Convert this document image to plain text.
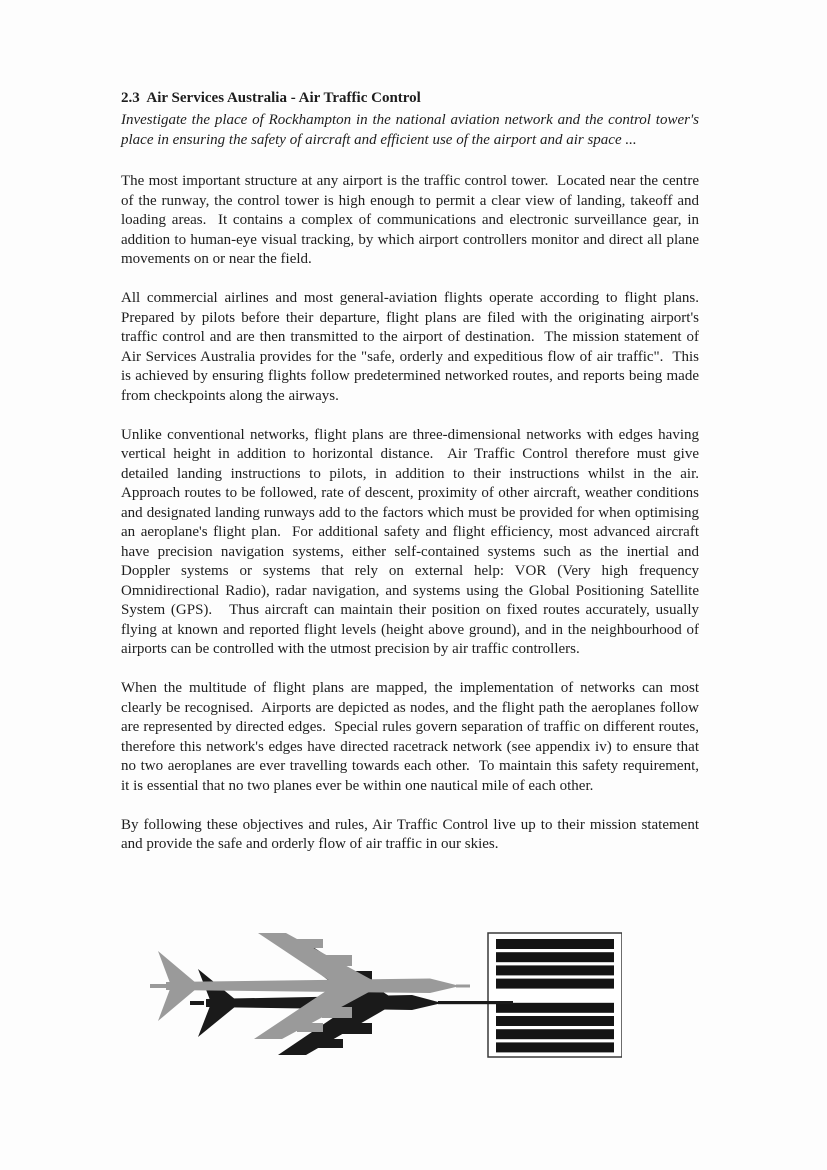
2.3  Air Services Australia - Air Traffic Control

Investigate the place of Rockhampton in the national aviation network and the control tower's place in ensuring the safety of aircraft and efficient use of the airport and air space ...

The most important structure at any airport is the traffic control tower.  Located near the centre of the runway, the control tower is high enough to permit a clear view of landing, takeoff and loading areas.  It contains a complex of communications and electronic surveillance gear, in addition to human-eye visual tracking, by which airport controllers monitor and direct all plane movements on or near the field.

All commercial airlines and most general-aviation flights operate according to flight plans.  Prepared by pilots before their departure, flight plans are filed with the originating airport's traffic control and are then transmitted to the airport of destination.  The mission statement of Air Services Australia provides for the "safe, orderly and expeditious flow of air traffic".  This is achieved by ensuring flights follow predetermined networked routes, and reports being made from checkpoints along the airways.

Unlike conventional networks, flight plans are three-dimensional networks with edges having vertical height in addition to horizontal distance.  Air Traffic Control therefore must give detailed landing instructions to pilots, in addition to their instructions whilst in the air.  Approach routes to be followed, rate of descent, proximity of other aircraft, weather conditions and designated landing runways add to the factors which must be provided for when optimising an aeroplane's flight plan.  For additional safety and flight efficiency, most advanced aircraft have precision navigation systems, either self-contained systems such as the inertial and Doppler systems or systems that rely on external help: VOR (Very high frequency Omnidirectional Radio), radar navigation, and systems using the Global Positioning Satellite System (GPS).   Thus aircraft can maintain their position on fixed routes accurately, usually flying at known and reported flight levels (height above ground), and in the neighbourhood of airports can be controlled with the utmost precision by air traffic controllers.

When the multitude of flight plans are mapped, the implementation of networks can most clearly be recognised.  Airports are depicted as nodes, and the flight path the aeroplanes follow are represented by directed edges.  Special rules govern separation of traffic on different routes, therefore this network's edges have directed racetrack network (see appendix iv) to ensure that no two aeroplanes are ever travelling towards each other.  To maintain this safety requirement, it is essential that no two planes ever be within one nautical mile of each other.

By following these objectives and rules, Air Traffic Control live up to their mission statement and provide the safe and orderly flow of air traffic in our skies.
